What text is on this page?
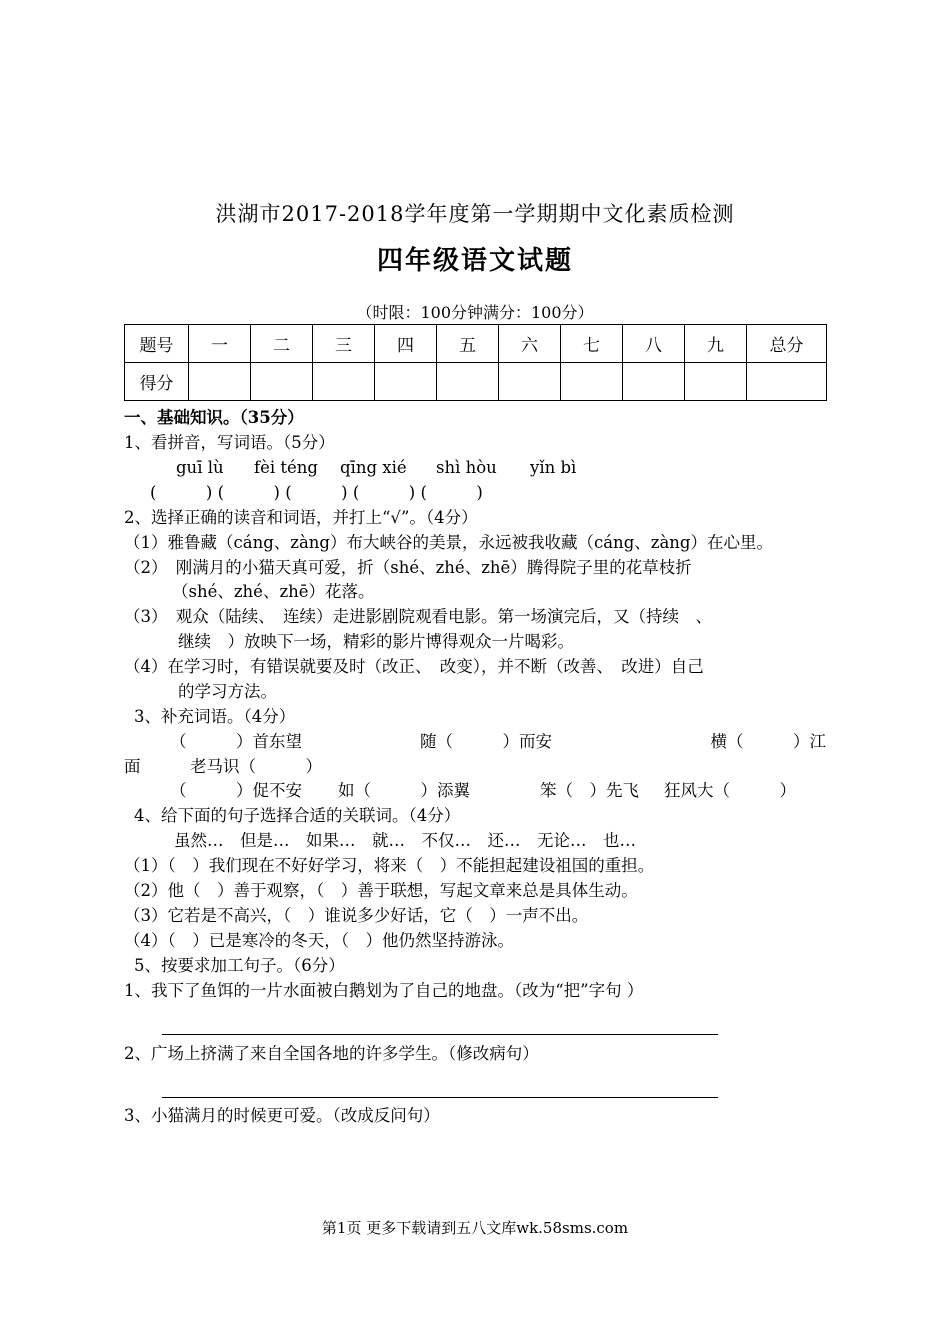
洪湖市2017-2018学年度第一学期期中文化素质检测
四年级语文试题
（时限：100分钟满分：100分）
题号	一	二	三	四	五	六	七	八	九	总分
得分										
一、基础知识。（35分）
1、看拼音，写词语。（5分）
guī lù fèi téng qīng xié shì hòu yǐn bì
(　　　) (　　　) (　　　) (　　　) (　　　)
2、选择正确的读音和词语，并打上“√”。（4分）
（1）雅鲁藏（cáng、zàng）布大峡谷的美景，永远被我收藏（cáng、zàng）在心里。
（2）　刚满月的小猫天真可爱，折（shé、zhé、zhē）腾得院子里的花草枝折
（shé、zhé、zhē）花落。
（3）　观众（陆续、　连续）走进影剧院观看电影。第一场演完后，又（持续　、
继续　）放映下一场，精彩的影片博得观众一片喝彩。
（4）在学习时，有错误就要及时（改正、　改变），并不断（改善、　改进）自己
的学习方法。
3、补充词语。（4分）
（　　　）首东望	随（　　　）而安	横（　　　）江
面　　　老马识（　　　）
（　　　）促不安 如（　　　）添翼	笨（　）先飞 狂风大（　　　）
4、给下面的句子选择合适的关联词。（4分）
虽然…　但是…　如果…　就…　不仅…　还…　无论…　也…
（1）（　）我们现在不好好学习，将来（　）不能担起建设祖国的重担。
（2）他（　）善于观察，（　）善于联想，写起文章来总是具体生动。
（3）它若是不高兴，（　）谁说多少好话，它（　）一声不出。
（4）（　）已是寒冷的冬天，（　）他仍然坚持游泳。
5、按要求加工句子。（6分）
1、我下了鱼饵的一片水面被白鹅划为了自己的地盘。（改为“把”字句 ）
2、广场上挤满了来自全国各地的许多学生。（修改病句）
3、小猫满月的时候更可爱。（改成反问句）
第1页 更多下载请到五八文库wk.58sms.com
